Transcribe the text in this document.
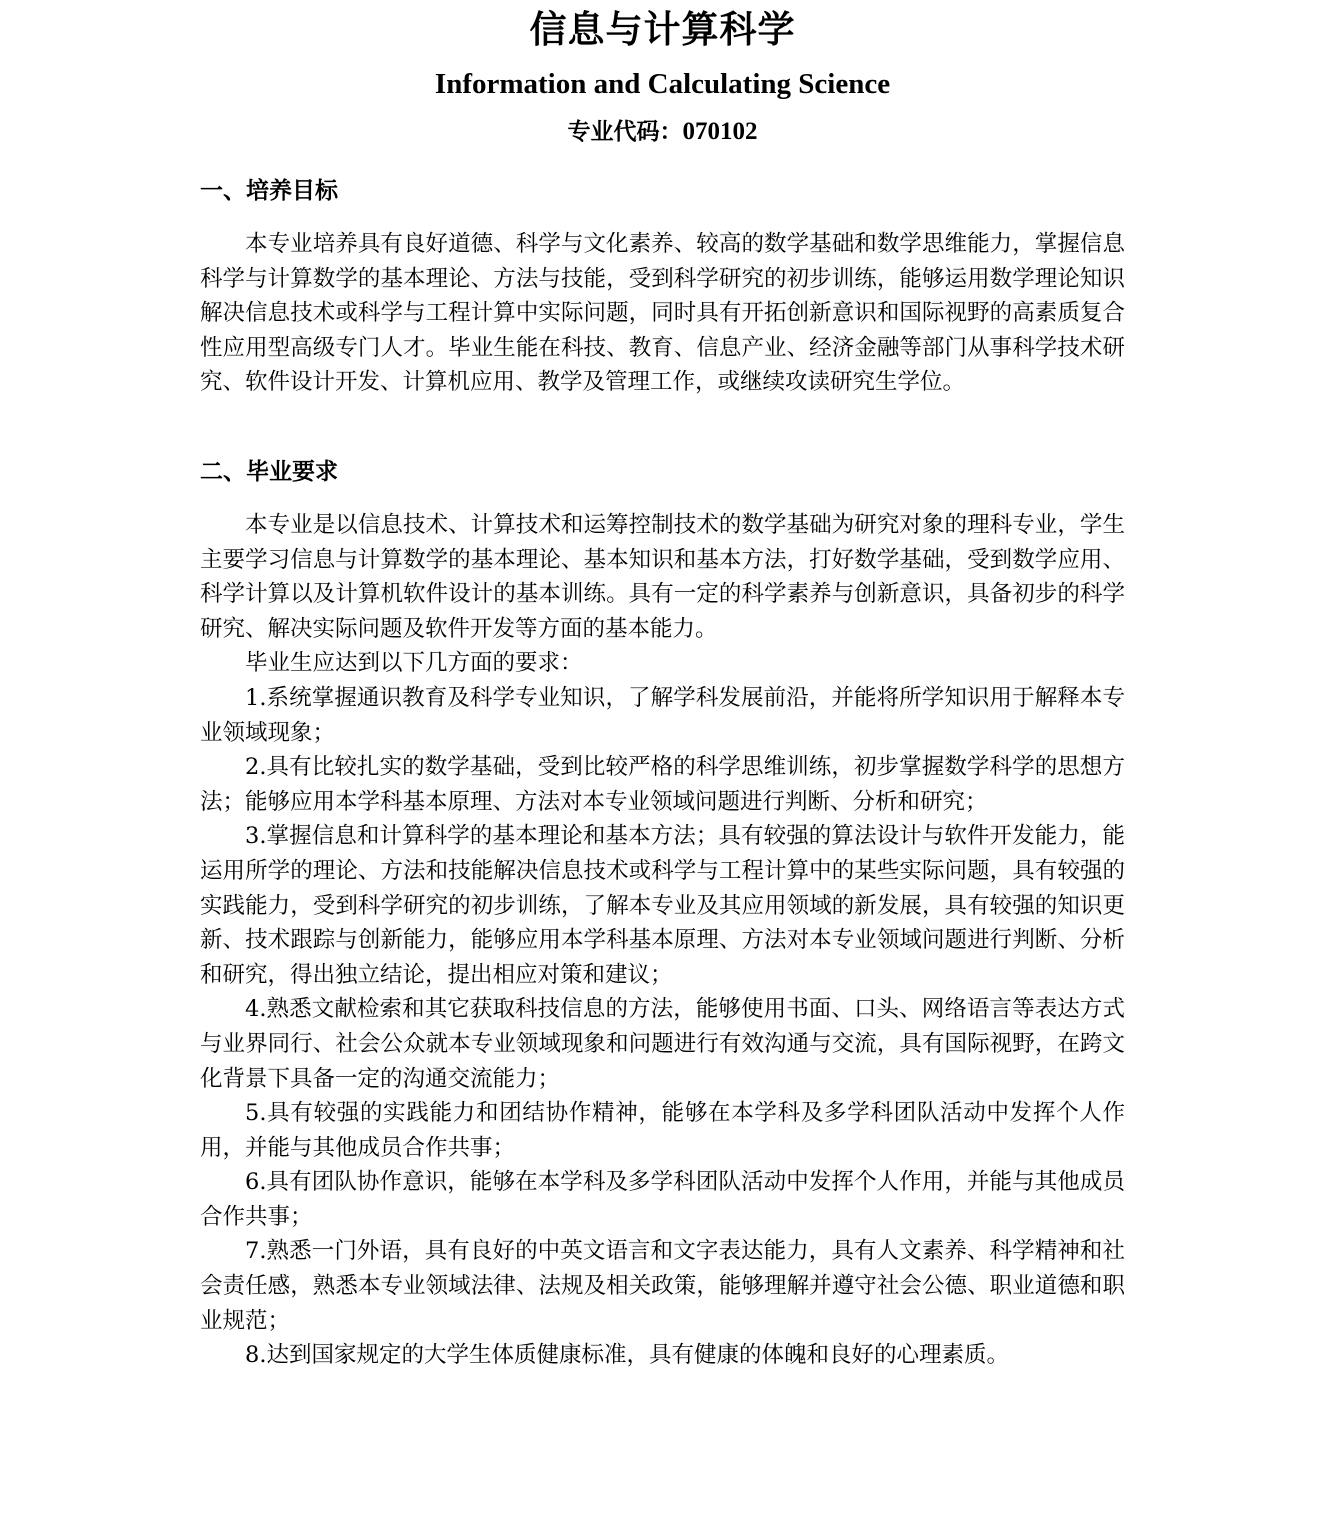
信息与计算科学
Information and Calculating Science
专业代码：070102
一、培养目标

本专业培养具有良好道德、科学与文化素养、较高的数学基础和数学思维能力，掌握信息科学与计算数学的基本理论、方法与技能，受到科学研究的初步训练，能够运用数学理论知识解决信息技术或科学与工程计算中实际问题，同时具有开拓创新意识和国际视野的高素质复合性应用型高级专门人才。毕业生能在科技、教育、信息产业、经济金融等部门从事科学技术研究、软件设计开发、计算机应用、教学及管理工作，或继续攻读研究生学位。

二、毕业要求

本专业是以信息技术、计算技术和运筹控制技术的数学基础为研究对象的理科专业，学生主要学习信息与计算数学的基本理论、基本知识和基本方法，打好数学基础，受到数学应用、科学计算以及计算机软件设计的基本训练。具有一定的科学素养与创新意识，具备初步的科学研究、解决实际问题及软件开发等方面的基本能力。

毕业生应达到以下几方面的要求：

1.系统掌握通识教育及科学专业知识，了解学科发展前沿，并能将所学知识用于解释本专业领域现象；

2.具有比较扎实的数学基础，受到比较严格的科学思维训练，初步掌握数学科学的思想方法；能够应用本学科基本原理、方法对本专业领域问题进行判断、分析和研究；

3.掌握信息和计算科学的基本理论和基本方法；具有较强的算法设计与软件开发能力，能运用所学的理论、方法和技能解决信息技术或科学与工程计算中的某些实际问题，具有较强的实践能力，受到科学研究的初步训练，了解本专业及其应用领域的新发展，具有较强的知识更新、技术跟踪与创新能力，能够应用本学科基本原理、方法对本专业领域问题进行判断、分析和研究，得出独立结论，提出相应对策和建议；

4.熟悉文献检索和其它获取科技信息的方法，能够使用书面、口头、网络语言等表达方式与业界同行、社会公众就本专业领域现象和问题进行有效沟通与交流，具有国际视野，在跨文化背景下具备一定的沟通交流能力；

5.具有较强的实践能力和团结协作精神，能够在本学科及多学科团队活动中发挥个人作用，并能与其他成员合作共事；

6.具有团队协作意识，能够在本学科及多学科团队活动中发挥个人作用，并能与其他成员合作共事；

7.熟悉一门外语，具有良好的中英文语言和文字表达能力，具有人文素养、科学精神和社会责任感，熟悉本专业领域法律、法规及相关政策，能够理解并遵守社会公德、职业道德和职业规范；

8.达到国家规定的大学生体质健康标准，具有健康的体魄和良好的心理素质。
